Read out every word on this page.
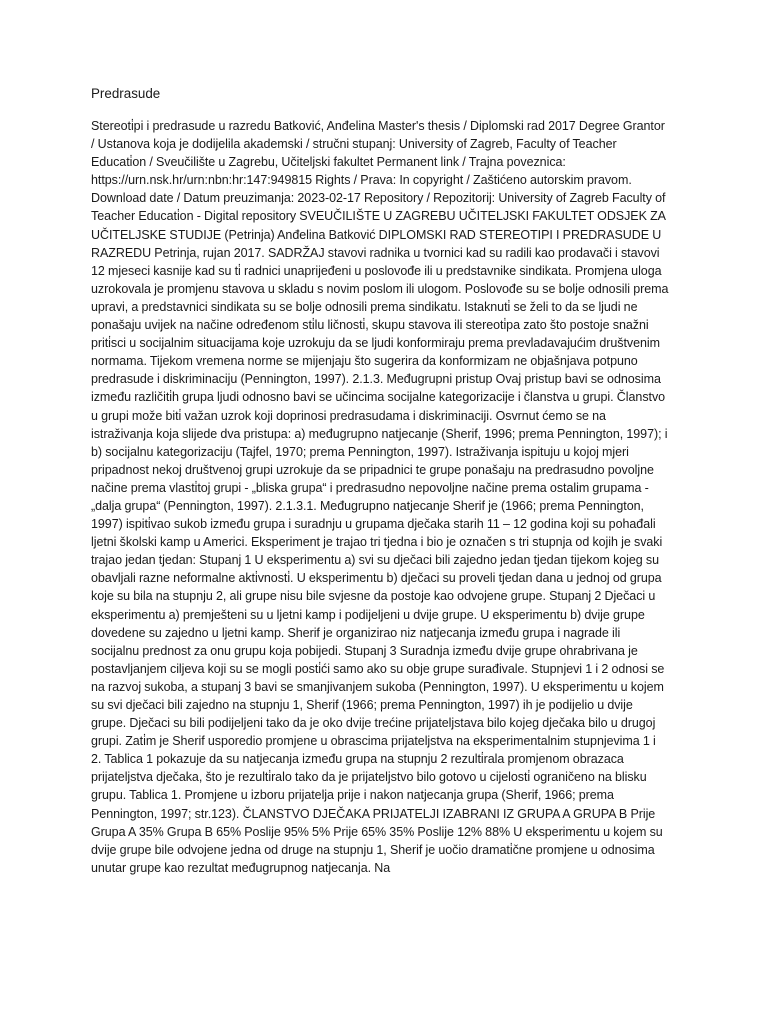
Predrasude

Stereoti̇pi i predrasude u razredu Batković, Anđelina Master's thesis / Diplomski rad 2017 Degree Grantor / Ustanova koja je dodijelila akademski / stručni stupanj: University of Zagreb, Faculty of Teacher Educati̇on / Sveučilište u Zagrebu, Učiteljski fakultet Permanent link / Trajna poveznica: https://urn.nsk.hr/urn:nbn:hr:147:949815 Rights / Prava: In copyright / Zaštićeno autorskim pravom. Download date / Datum preuzimanja: 2023-02-17 Repository / Repozitorij: University of Zagreb Faculty of Teacher Educati̇on - Digital repository SVEUČILIŠTE U ZAGREBU UČITELJSKI FAKULTET ODSJEK ZA UČITELJSKE STUDIJE (Petrinja) Anđelina Batković DIPLOMSKI RAD STEREOTIPI I PREDRASUDE U RAZREDU Petrinja, rujan 2017. SADRŽAJ stavovi radnika u tvornici kad su radili kao prodavači i stavovi 12 mjeseci kasnije kad su ti̇ radnici unaprijeđeni u poslovođe ili u predstavnike sindikata. Promjena uloga uzrokovala je promjenu stavova u skladu s novim poslom ili ulogom. Poslovođe su se bolje odnosili prema upravi, a predstavnici sindikata su se bolje odnosili prema sindikatu. Istaknuti̇ se želi to da se ljudi ne ponašaju uvijek na načine određenom sti̇lu ličnosti̇, skupu stavova ili stereoti̇pa zato što postoje snažni priti̇sci u socijalnim situacijama koje uzrokuju da se ljudi konformiraju prema prevladavajućim društvenim normama. Tijekom vremena norme se mijenjaju što sugerira da konformizam ne objašnjava potpuno predrasude i diskriminaciju (Pennington, 1997). 2.1.3. Međugrupni pristup Ovaj pristup bavi se odnosima između različiti̇h grupa ljudi odnosno bavi se učincima socijalne kategorizacije i članstva u grupi. Članstvo u grupi može biti̇ važan uzrok koji doprinosi predrasudama i diskriminaciji. Osvrnut ćemo se na istraživanja koja slijede dva pristupa: a) međugrupno natjecanje (Sherif, 1996; prema Pennington, 1997); i b) socijalnu kategorizaciju (Tajfel, 1970; prema Pennington, 1997). Istraživanja ispituju u kojoj mjeri pripadnost nekoj društvenoj grupi uzrokuje da se pripadnici te grupe ponašaju na predrasudno povoljne načine prema vlasti̇toj grupi - „bliska grupa“ i predrasudno nepovoljne načine prema ostalim grupama - „dalja grupa“ (Pennington, 1997). 2.1.3.1. Međugrupno natjecanje Sherif je (1966; prema Pennington, 1997) ispiti̇vao sukob između grupa i suradnju u grupama dječaka starih 11 – 12 godina koji su pohađali ljetni školski kamp u Americi. Eksperiment je trajao tri tjedna i bio je označen s tri stupnja od kojih je svaki trajao jedan tjedan: Stupanj 1 U eksperimentu a) svi su dječaci bili zajedno jedan tjedan tijekom kojeg su obavljali razne neformalne akti̇vnosti̇. U eksperimentu b) dječaci su proveli tjedan dana u jednoj od grupa koje su bila na stupnju 2, ali grupe nisu bile svjesne da postoje kao odvojene grupe. Stupanj 2 Dječaci u eksperimentu a) premješteni su u ljetni kamp i podijeljeni u dvije grupe. U eksperimentu b) dvije grupe dovedene su zajedno u ljetni kamp. Sherif je organizirao niz natjecanja između grupa i nagrade ili socijalnu prednost za onu grupu koja pobijedi. Stupanj 3 Suradnja između dvije grupe ohrabrivana je postavljanjem ciljeva koji su se mogli posti̇ći samo ako su obje grupe surađivale. Stupnjevi 1 i 2 odnosi se na razvoj sukoba, a stupanj 3 bavi se smanjivanjem sukoba (Pennington, 1997). U eksperimentu u kojem su svi dječaci bili zajedno na stupnju 1, Sherif (1966; prema Pennington, 1997) ih je podijelio u dvije grupe. Dječaci su bili podijeljeni tako da je oko dvije trećine prijateljstava bilo kojeg dječaka bilo u drugoj grupi. Zati̇m je Sherif usporedio promjene u obrascima prijateljstva na eksperimentalnim stupnjevima 1 i 2. Tablica 1 pokazuje da su natjecanja između grupa na stupnju 2 rezulti̇rala promjenom obrazaca prijateljstva dječaka, što je rezulti̇ralo tako da je prijateljstvo bilo gotovo u cijelosti̇ ograničeno na blisku grupu. Tablica 1. Promjene u izboru prijatelja prije i nakon natjecanja grupa (Sherif, 1966; prema Pennington, 1997; str.123). ČLANSTVO DJEČAKA PRIJATELJI IZABRANI IZ GRUPA A GRUPA B Prije Grupa A 35% Grupa B 65% Poslije 95% 5% Prije 65% 35% Poslije 12% 88% U eksperimentu u kojem su dvije grupe bile odvojene jedna od druge na stupnju 1, Sherif je uočio dramati̇čne promjene u odnosima unutar grupe kao rezultat međugrupnog natjecanja. Na
